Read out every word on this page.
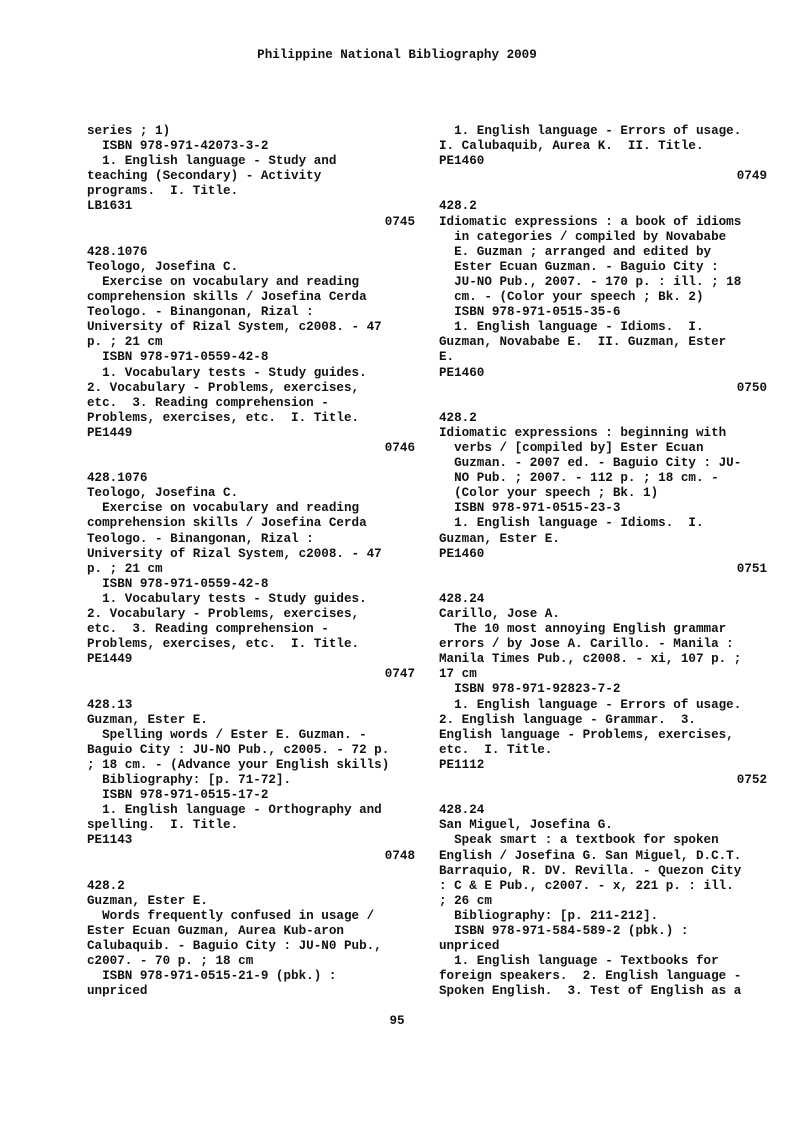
Philippine National Bibliography 2009
series ; 1)
ISBN 978-971-42073-3-2
1. English language - Study and
teaching (Secondary) - Activity
programs.  I. Title.
LB1631
0745
428.1076
Teologo, Josefina C.
Exercise on vocabulary and reading
comprehension skills / Josefina Cerda
Teologo. - Binangonan, Rizal :
University of Rizal System, c2008. - 47
p. ; 21 cm
ISBN 978-971-0559-42-8
1. Vocabulary tests - Study guides.
2. Vocabulary - Problems, exercises,
etc.  3. Reading comprehension -
Problems, exercises, etc.  I. Title.
PE1449
0746
428.1076
Teologo, Josefina C.
Exercise on vocabulary and reading
comprehension skills / Josefina Cerda
Teologo. - Binangonan, Rizal :
University of Rizal System, c2008. - 47
p. ; 21 cm
ISBN 978-971-0559-42-8
1. Vocabulary tests - Study guides.
2. Vocabulary - Problems, exercises,
etc.  3. Reading comprehension -
Problems, exercises, etc.  I. Title.
PE1449
0747
428.13
Guzman, Ester E.
Spelling words / Ester E. Guzman. -
Baguio City : JU-NO Pub., c2005. - 72 p.
; 18 cm. - (Advance your English skills)
Bibliography: [p. 71-72].
ISBN 978-971-0515-17-2
1. English language - Orthography and
spelling.  I. Title.
PE1143
0748
428.2
Guzman, Ester E.
Words frequently confused in usage /
Ester Ecuan Guzman, Aurea Kub-aron
Calubaquib. - Baguio City : JU-N0 Pub.,
c2007. - 70 p. ; 18 cm
ISBN 978-971-0515-21-9 (pbk.) :
unpriced
1. English language - Errors of usage.
I. Calubaquib, Aurea K.  II. Title.
PE1460
0749
428.2
Idiomatic expressions : a book of idioms
in categories / compiled by Novababe
E. Guzman ; arranged and edited by
Ester Ecuan Guzman. - Baguio City :
JU-NO Pub., 2007. - 170 p. : ill. ; 18
cm. - (Color your speech ; Bk. 2)
ISBN 978-971-0515-35-6
1. English language - Idioms.  I.
Guzman, Novababe E.  II. Guzman, Ester
E.
PE1460
0750
428.2
Idiomatic expressions : beginning with
verbs / [compiled by] Ester Ecuan
Guzman. - 2007 ed. - Baguio City : JU-
NO Pub. ; 2007. - 112 p. ; 18 cm. -
(Color your speech ; Bk. 1)
ISBN 978-971-0515-23-3
1. English language - Idioms.  I.
Guzman, Ester E.
PE1460
0751
428.24
Carillo, Jose A.
The 10 most annoying English grammar
errors / by Jose A. Carillo. - Manila :
Manila Times Pub., c2008. - xi, 107 p. ;
17 cm
ISBN 978-971-92823-7-2
1. English language - Errors of usage.
2. English language - Grammar.  3.
English language - Problems, exercises,
etc.  I. Title.
PE1112
0752
428.24
San Miguel, Josefina G.
Speak smart : a textbook for spoken
English / Josefina G. San Miguel, D.C.T.
Barraquio, R. DV. Revilla. - Quezon City
: C & E Pub., c2007. - x, 221 p. : ill.
; 26 cm
Bibliography: [p. 211-212].
ISBN 978-971-584-589-2 (pbk.) :
unpriced
1. English language - Textbooks for
foreign speakers.  2. English language -
Spoken English.  3. Test of English as a
95
